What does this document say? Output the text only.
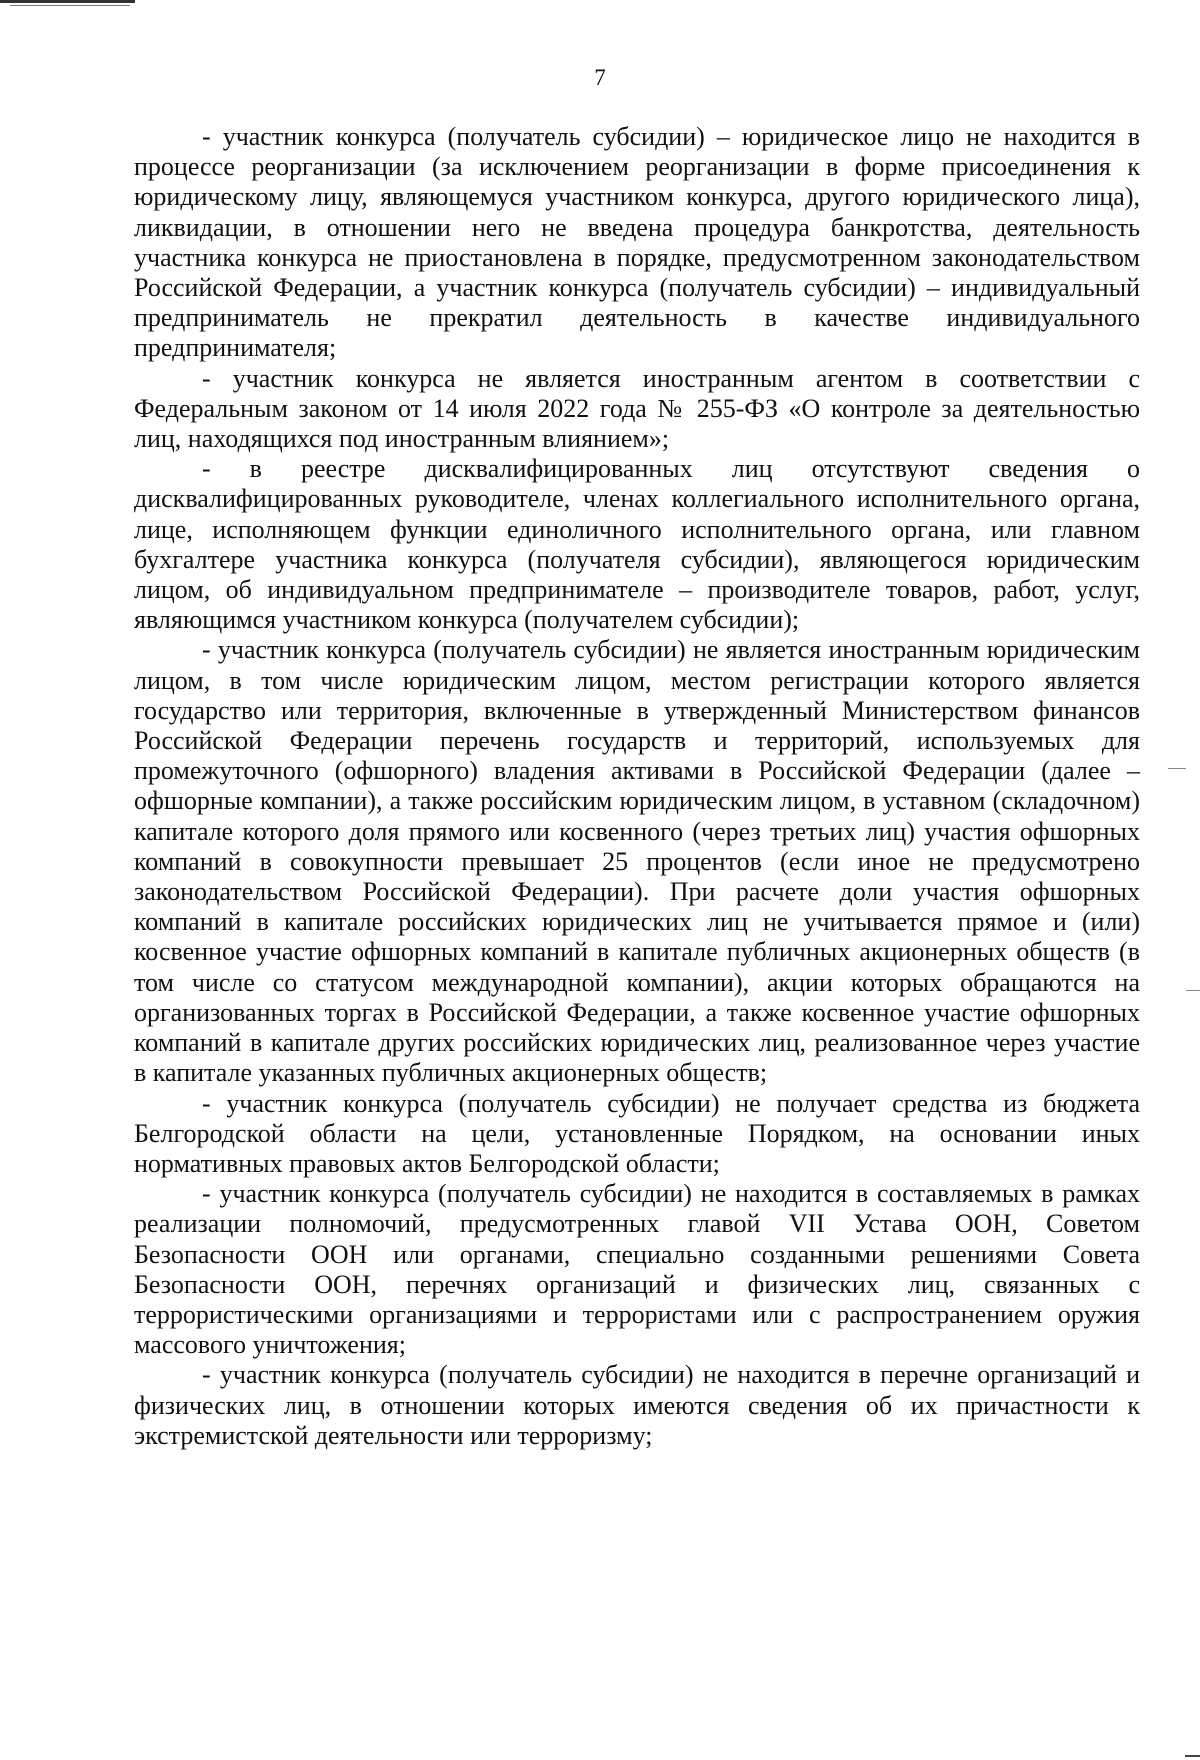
7

- участник конкурса (получатель субсидии) – юридическое лицо не находится в процессе реорганизации (за исключением реорганизации в форме присоединения к юридическому лицу, являющемуся участником конкурса, другого юридического лица), ликвидации, в отношении него не введена процедура банкротства, деятельность участника конкурса не приостановлена в порядке, предусмотренном законодательством Российской Федерации, а участник конкурса (получатель субсидии) – индивидуальный предприниматель не прекратил деятельность в качестве индивидуального предпринимателя;

- участник конкурса не является иностранным агентом в соответствии с Федеральным законом от 14 июля 2022 года № 255-ФЗ «О контроле за деятельностью лиц, находящихся под иностранным влиянием»;

- в реестре дисквалифицированных лиц отсутствуют сведения о дисквалифицированных руководителе, членах коллегиального исполнительного органа, лице, исполняющем функции единоличного исполнительного органа, или главном бухгалтере участника конкурса (получателя субсидии), являющегося юридическим лицом, об индивидуальном предпринимателе – производителе товаров, работ, услуг, являющимся участником конкурса (получателем субсидии);

- участник конкурса (получатель субсидии) не является иностранным юридическим лицом, в том числе юридическим лицом, местом регистрации которого является государство или территория, включенные в утвержденный Министерством финансов Российской Федерации перечень государств и территорий, используемых для промежуточного (офшорного) владения активами в Российской Федерации (далее – офшорные компании), а также российским юридическим лицом, в уставном (складочном) капитале которого доля прямого или косвенного (через третьих лиц) участия офшорных компаний в совокупности превышает 25 процентов (если иное не предусмотрено законодательством Российской Федерации). При расчете доли участия офшорных компаний в капитале российских юридических лиц не учитывается прямое и (или) косвенное участие офшорных компаний в капитале публичных акционерных обществ (в том числе со статусом международной компании), акции которых обращаются на организованных торгах в Российской Федерации, а также косвенное участие офшорных компаний в капитале других российских юридических лиц, реализованное через участие в капитале указанных публичных акционерных обществ;

- участник конкурса (получатель субсидии) не получает средства из бюджета Белгородской области на цели, установленные Порядком, на основании иных нормативных правовых актов Белгородской области;

- участник конкурса (получатель субсидии) не находится в составляемых в рамках реализации полномочий, предусмотренных главой VII Устава ООН, Советом Безопасности ООН или органами, специально созданными решениями Совета Безопасности ООН, перечнях организаций и физических лиц, связанных с террористическими организациями и террористами или с распространением оружия массового уничтожения;

- участник конкурса (получатель субсидии) не находится в перечне организаций и физических лиц, в отношении которых имеются сведения об их причастности к экстремистской деятельности или терроризму;
